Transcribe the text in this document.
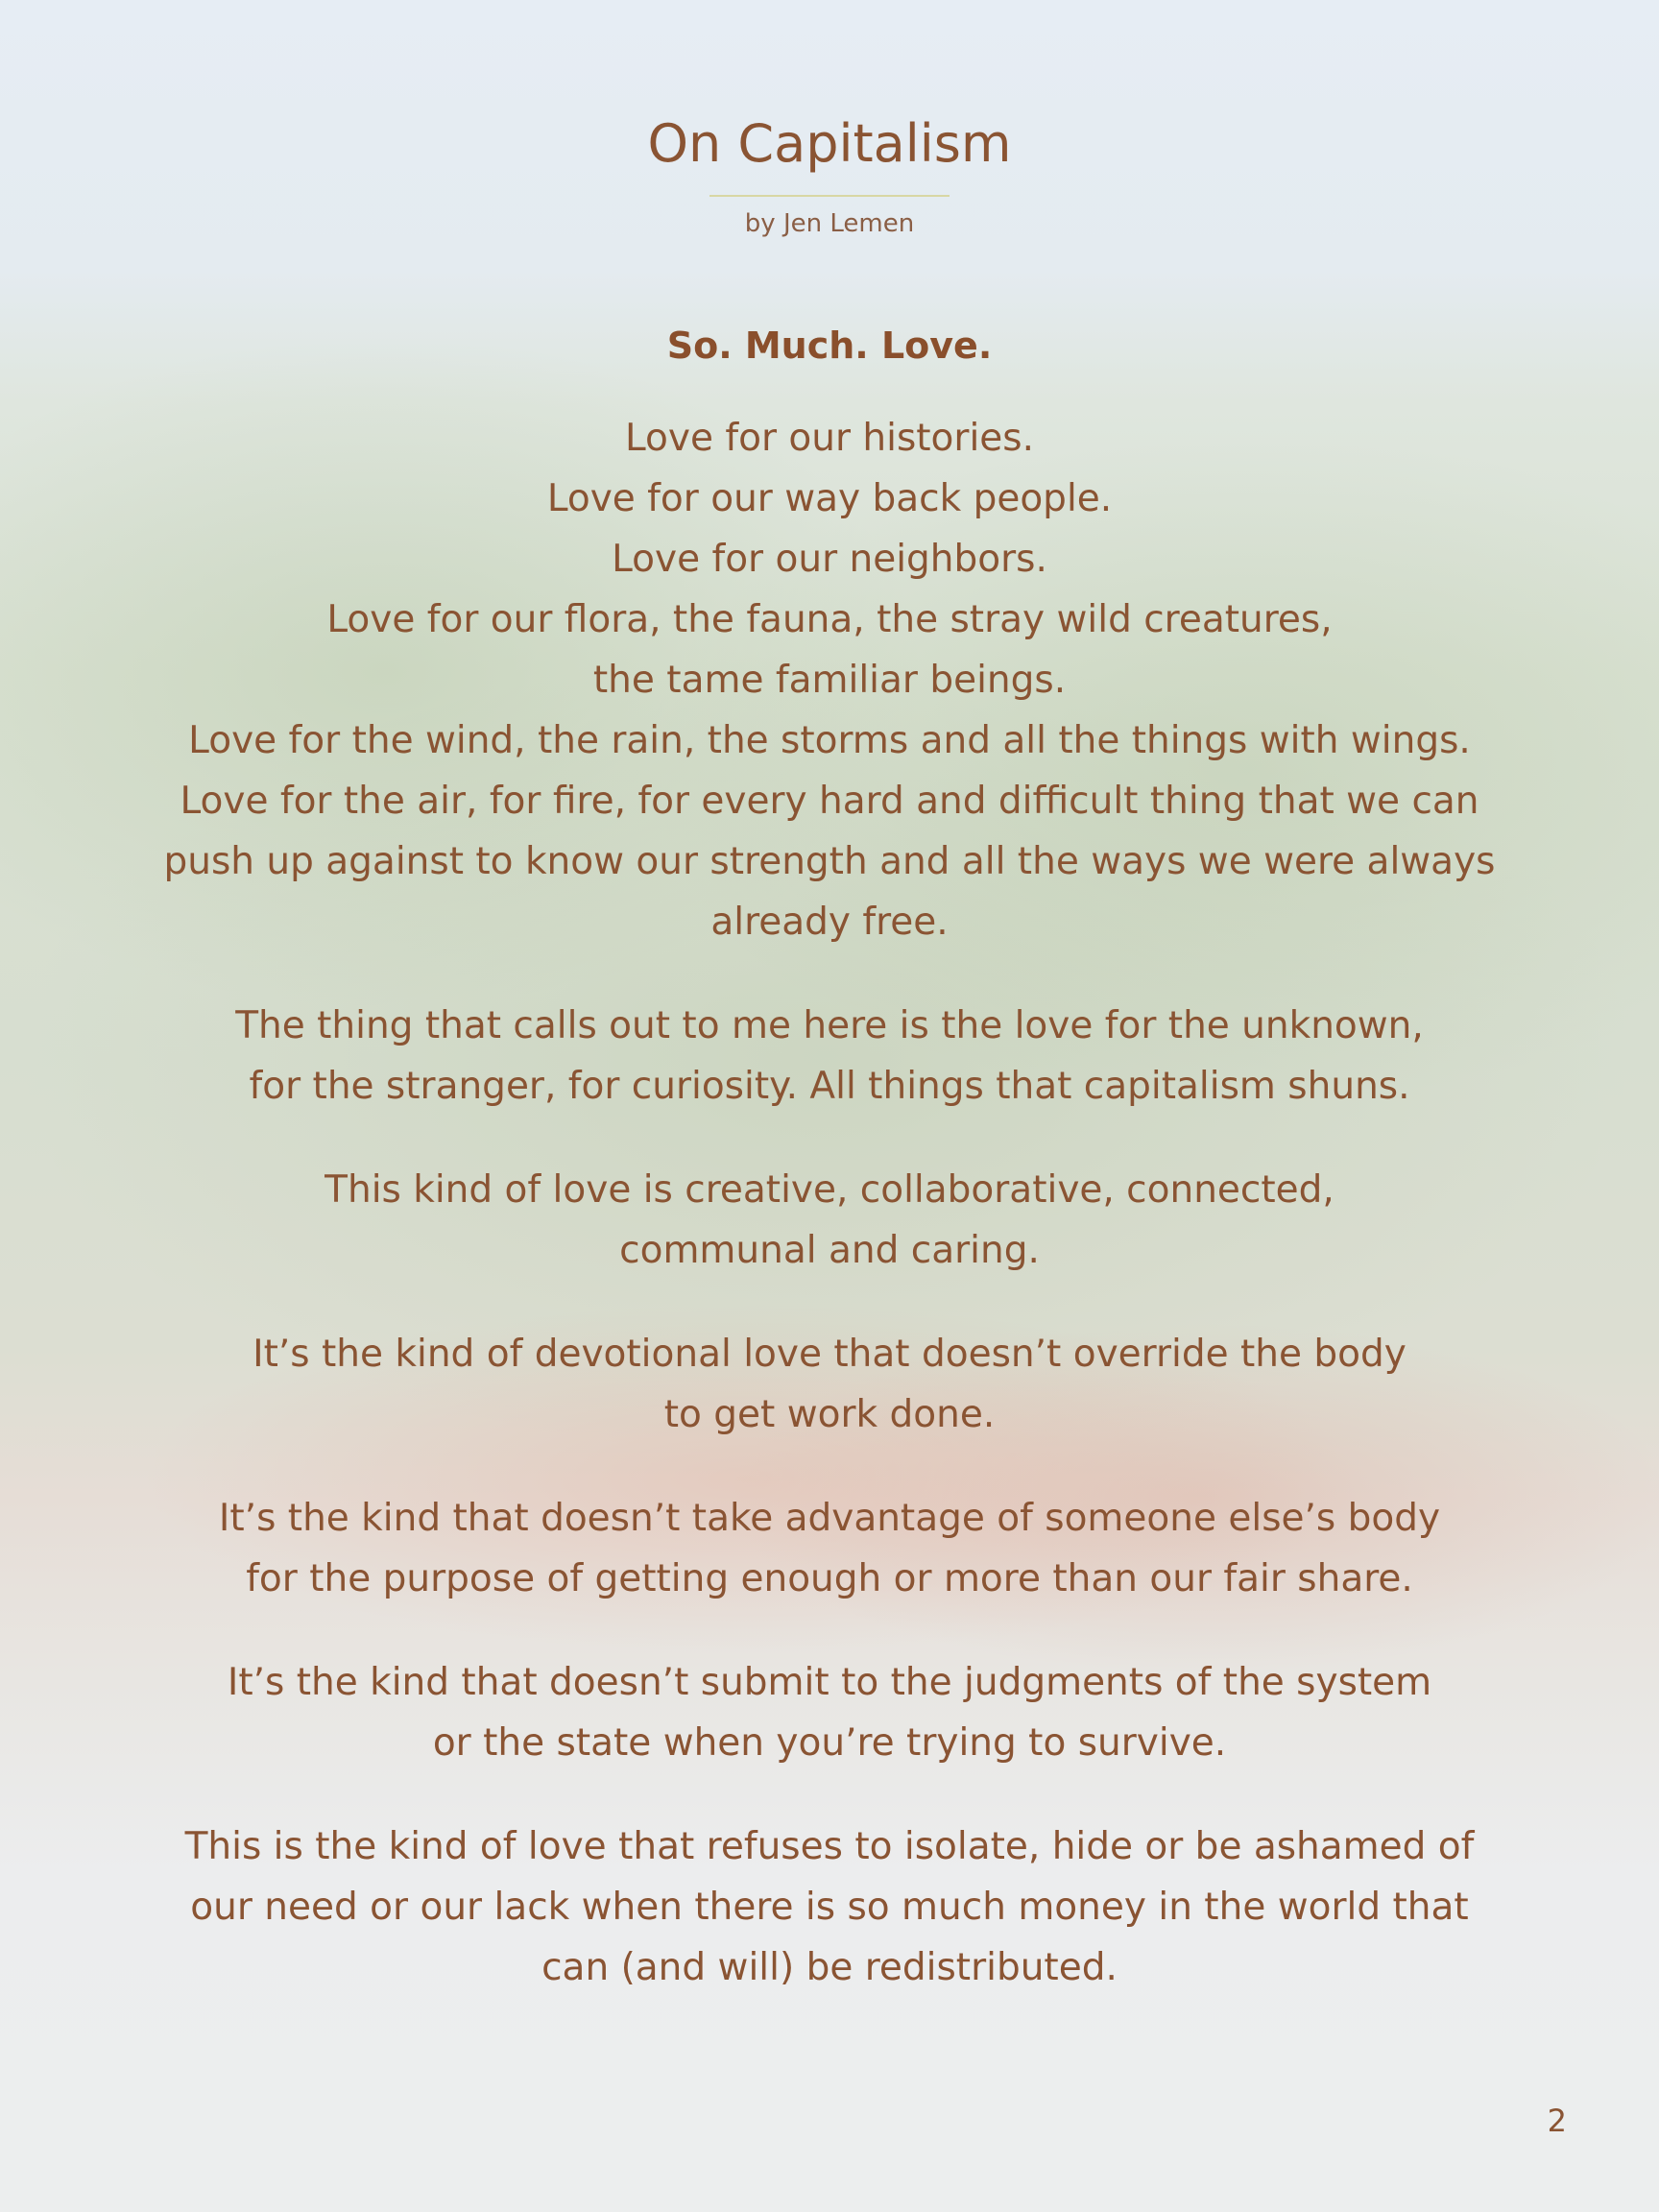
On Capitalism
by Jen Lemen
So. Much. Love.

Love for our histories.
Love for our way back people.
Love for our neighbors.
Love for our flora, the fauna, the stray wild creatures,
the tame familiar beings.
Love for the wind, the rain, the storms and all the things with wings.
Love for the air, for fire, for every hard and difficult thing that we can
push up against to know our strength and all the ways we were always
already free.

The thing that calls out to me here is the love for the unknown,
for the stranger, for curiosity. All things that capitalism shuns.

This kind of love is creative, collaborative, connected,
communal and caring.

It’s the kind of devotional love that doesn’t override the body
to get work done.

It’s the kind that doesn’t take advantage of someone else’s body
for the purpose of getting enough or more than our fair share.

It’s the kind that doesn’t submit to the judgments of the system
or the state when you’re trying to survive.

This is the kind of love that refuses to isolate, hide or be ashamed of
our need or our lack when there is so much money in the world that
can (and will) be redistributed.

2
